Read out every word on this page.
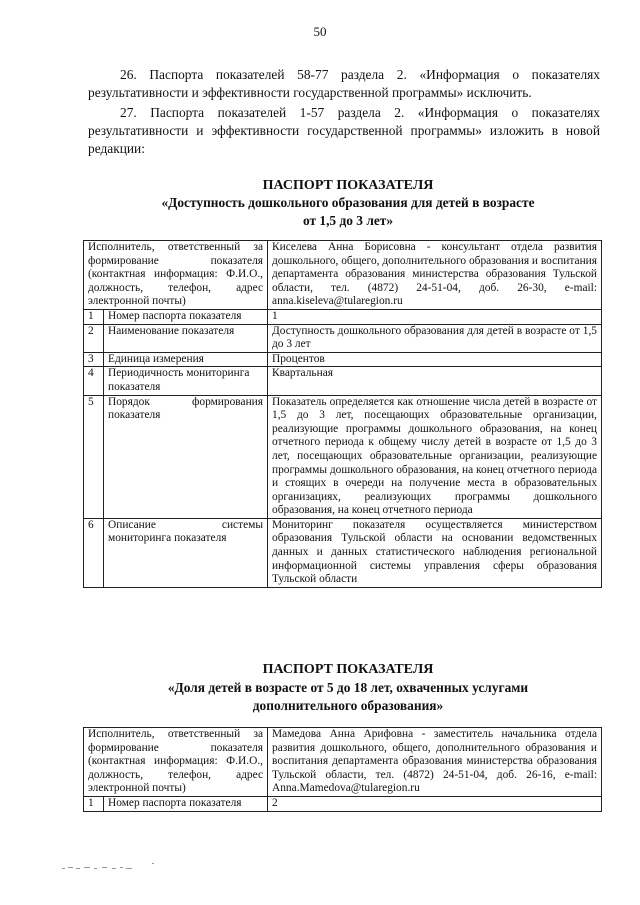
50

26. Паспорта показателей 58-77 раздела 2. «Информация о показателях результативности и эффективности государственной программы» исключить.

27. Паспорта показателей 1-57 раздела 2. «Информация о показателях результативности и эффективности государственной программы» изложить в новой редакции:

ПАСПОРТ ПОКАЗАТЕЛЯ

«Доступность дошкольного образования для детей в возрасте

от 1,5 до 3 лет»

Исполнитель, ответственный за формирование показателя (контактная информация: Ф.И.О., должность, телефон, адрес электронной почты)		Киселева Анна Борисовна - консультант отдела развития дошкольного, общего, дополнительного образования и воспитания департамента образования министерства образования Тульской области, тел. (4872) 24-51-04, доб. 26-30, e-mail: anna.kiseleva@tularegion.ru
1	Номер паспорта показателя	1
2	Наименование показателя	Доступность дошкольного образования для детей в возрасте от 1,5 до 3 лет
3	Единица измерения	Процентов
4	Периодичность мониторинга показателя	Квартальная
5	Порядок формирования показателя	Показатель определяется как отношение числа детей в возрасте от 1,5 до 3 лет, посещающих образовательные организации, реализующие программы дошкольного образования, на конец отчетного периода к общему числу детей в возрасте от 1,5 до 3 лет, посещающих образовательные организации, реализующие программы дошкольного образования, на конец отчетного периода и стоящих в очереди на получение места в образовательных организациях, реализующих программы дошкольного образования, на конец отчетного периода
6	Описание системы мониторинга показателя	Мониторинг показателя осуществляется министерством образования Тульской области на основании ведомственных данных и данных статистического наблюдения региональной информационной системы управления сферы образования Тульской области

ПАСПОРТ ПОКАЗАТЕЛЯ

«Доля детей в возрасте от 5 до 18 лет, охваченных услугами

дополнительного образования»

Исполнитель, ответственный за формирование показателя (контактная информация: Ф.И.О., должность, телефон, адрес электронной почты)		Мамедова Анна Арифовна - заместитель начальника отдела развития дошкольного, общего, дополнительного образования и воспитания департамента образования министерства образования Тульской области, тел. (4872) 24-51-04, доб. 26-16, e-mail: Anna.Mamedova@tularegion.ru
1	Номер паспорта показателя	2
